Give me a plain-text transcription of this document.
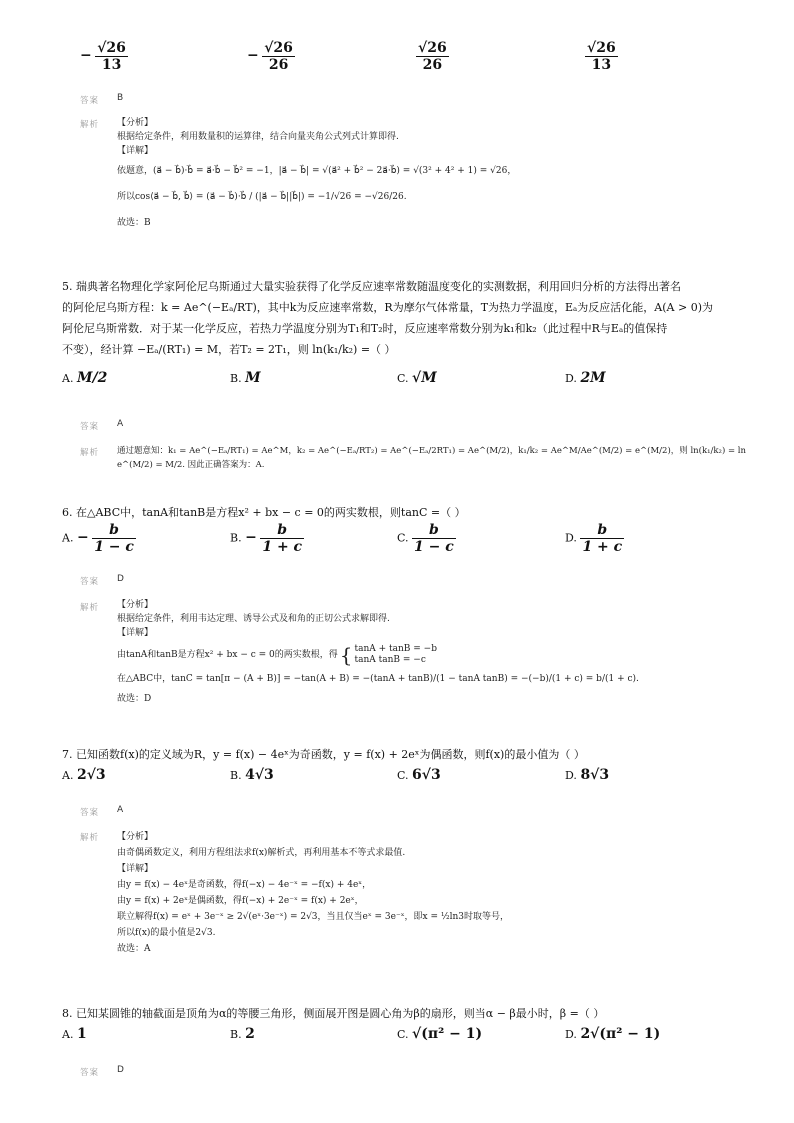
− $\frac{√26}{13}$	− $\frac{√26}{26}$	$\frac{√26}{26}$	$\frac{√26}{13}$
答案 B
解析 【分析】
根据给定条件，利用数量积的运算律，结合向量夹角公式列式计算即得.
【详解】
依题意，(a⃗ − b⃗)·b⃗ = a⃗·b⃗ − b⃗² = −1，|a⃗ − b⃗| = √(a⃗² + b⃗² − 2a⃗·b⃗) = √(3² + 4² + 1) = √26，
所以cos⟨a⃗ − b⃗, b⃗⟩ = (a⃗ − b⃗)·b⃗ / (|a⃗ − b⃗||b⃗|) = −1/√26 = −√26/26.
故选：B
5. 瑞典著名物理化学家阿伦尼乌斯通过大量实验获得了化学反应速率常数随温度变化的实测数据，利用回归分析的方法得出著名
的阿伦尼乌斯方程：k = Ae^(−Eₐ/RT)，其中k为反应速率常数，R为摩尔气体常量，T为热力学温度，Eₐ为反应活化能，A(A > 0)为
阿伦尼乌斯常数．对于某一化学反应，若热力学温度分别为T₁和T₂时，反应速率常数分别为k₁和k₂（此过程中R与Eₐ的值保持
不变），经计算 −Eₐ/(RT₁) = M，若T₂ = 2T₁，则 ln(k₁/k₂) =（ ）
A. M/2	B. M	C. √M	D. 2M
答案 A
解析 通过题意知：k₁ = Ae^(−Eₐ/RT₁) = Ae^M，k₂ = Ae^(−Eₐ/RT₂) = Ae^(−Eₐ/2RT₁) = Ae^(M/2)，k₁/k₂ = Ae^M/Ae^(M/2) = e^(M/2)，则 ln(k₁/k₂) = ln e^(M/2) = M/2. 因此正确答案为：A.
6. 在△ABC中，tanA和tanB是方程x² + bx − c = 0的两实数根，则tanC =（ ）
A. − $\frac{b}{1 - c}$	B. − $\frac{b}{1 + c}$	C. $\frac{b}{1 - c}$	D. $\frac{b}{1 + c}$
答案 D
解析 【分析】
根据给定条件，利用韦达定理、诱导公式及和角的正切公式求解即得.
【详解】
由tanA和tanB是方程x² + bx − c = 0的两实数根，得 { tanA + tanB = −b
tanA tanB = −c
在△ABC中，tanC = tan[π − (A + B)] = −tan(A + B) = −(tanA + tanB)/(1 − tanA tanB) = −(−b)/(1 + c) = b/(1 + c).
故选：D
7. 已知函数f(x)的定义域为R，y = f(x) − 4eˣ为奇函数，y = f(x) + 2eˣ为偶函数，则f(x)的最小值为（ ）
A. 2√3	B. 4√3	C. 6√3	D. 8√3
答案 A
解析 【分析】
由奇偶函数定义，利用方程组法求f(x)解析式，再利用基本不等式求最值.
【详解】
由y = f(x) − 4eˣ是奇函数，得f(−x) − 4e⁻ˣ = −f(x) + 4eˣ，
由y = f(x) + 2eˣ是偶函数，得f(−x) + 2e⁻ˣ = f(x) + 2eˣ，
联立解得f(x) = eˣ + 3e⁻ˣ ≥ 2√(eˣ·3e⁻ˣ) = 2√3，当且仅当eˣ = 3e⁻ˣ，即x = ½ln3时取等号，
所以f(x)的最小值是2√3.
故选：A
8. 已知某圆锥的轴截面是顶角为α的等腰三角形，侧面展开图是圆心角为β的扇形，则当α − β最小时，β =（ ）
A. 1	B. 2	C. √(π² − 1)	D. 2√(π² − 1)
答案 D
